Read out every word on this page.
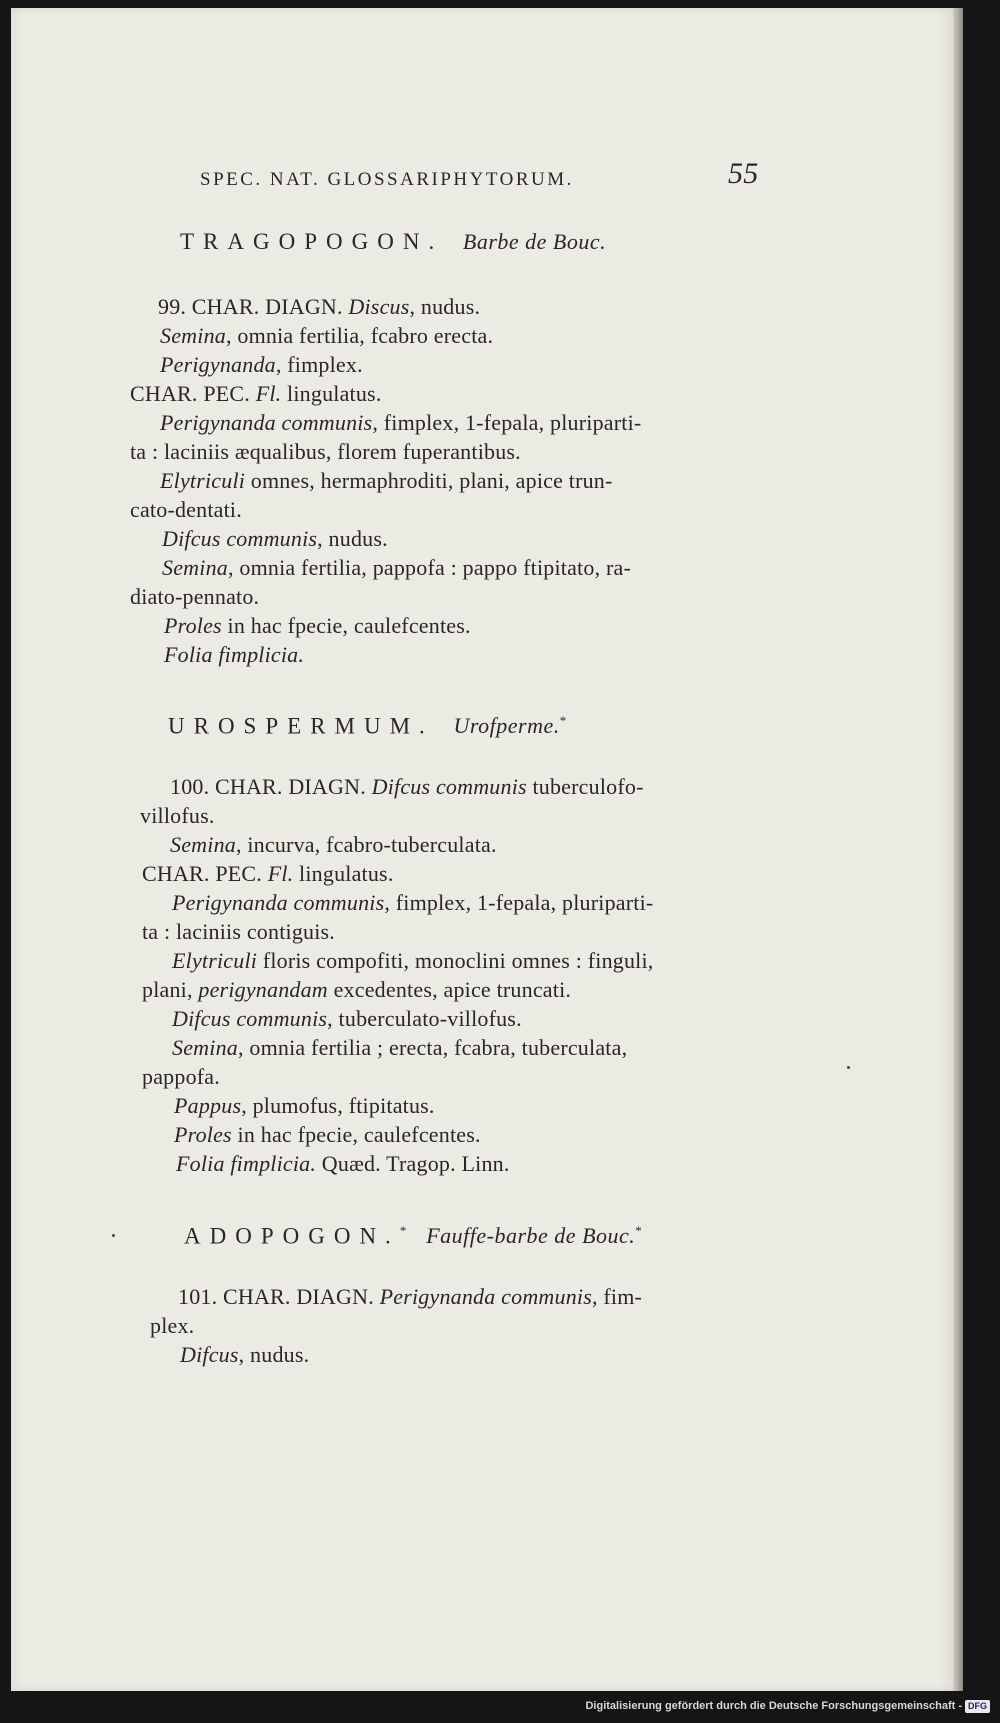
SPEC. NAT. GLOSSARIPHYTORUM.	55
TRAGOPOGON. Barbe de Bouc.
99. CHAR. DIAGN. Discus, nudus.
Semina, omnia fertilia, fcabro erecta.
Perigynanda, fimplex.
CHAR. PEC. Fl. lingulatus.
Perigynanda communis, fimplex, 1-fepala, pluriparti-
ta : laciniis æqualibus, florem fuperantibus.
Elytriculi omnes, hermaphroditi, plani, apice trun-
cato-dentati.
Difcus communis, nudus.
Semina, omnia fertilia, pappofa : pappo ftipitato, ra-
diato-pennato.
Proles in hac fpecie, caulefcentes.
Folia fimplicia.
UROSPERMUM. Urofperme.*
100. CHAR. DIAGN. Difcus communis tuberculofo-
villofus.
Semina, incurva, fcabro-tuberculata.
CHAR. PEC. Fl. lingulatus.
Perigynanda communis, fimplex, 1-fepala, pluriparti-
ta : laciniis contiguis.
Elytriculi floris compofiti, monoclini omnes : finguli,
plani, perigynandam excedentes, apice truncati.
Difcus communis, tuberculato-villofus.
Semina, omnia fertilia ; erecta, fcabra, tuberculata,
pappofa.
Pappus, plumofus, ftipitatus.
Proles in hac fpecie, caulefcentes.
Folia fimplicia. Quæd. Tragop. Linn.
ADOPOGON.* Fauffe-barbe de Bouc.*
101. CHAR. DIAGN. Perigynanda communis, fim-
plex.
Difcus, nudus.
Digitalisierung gefördert durch die Deutsche Forschungsgemeinschaft - DFG
